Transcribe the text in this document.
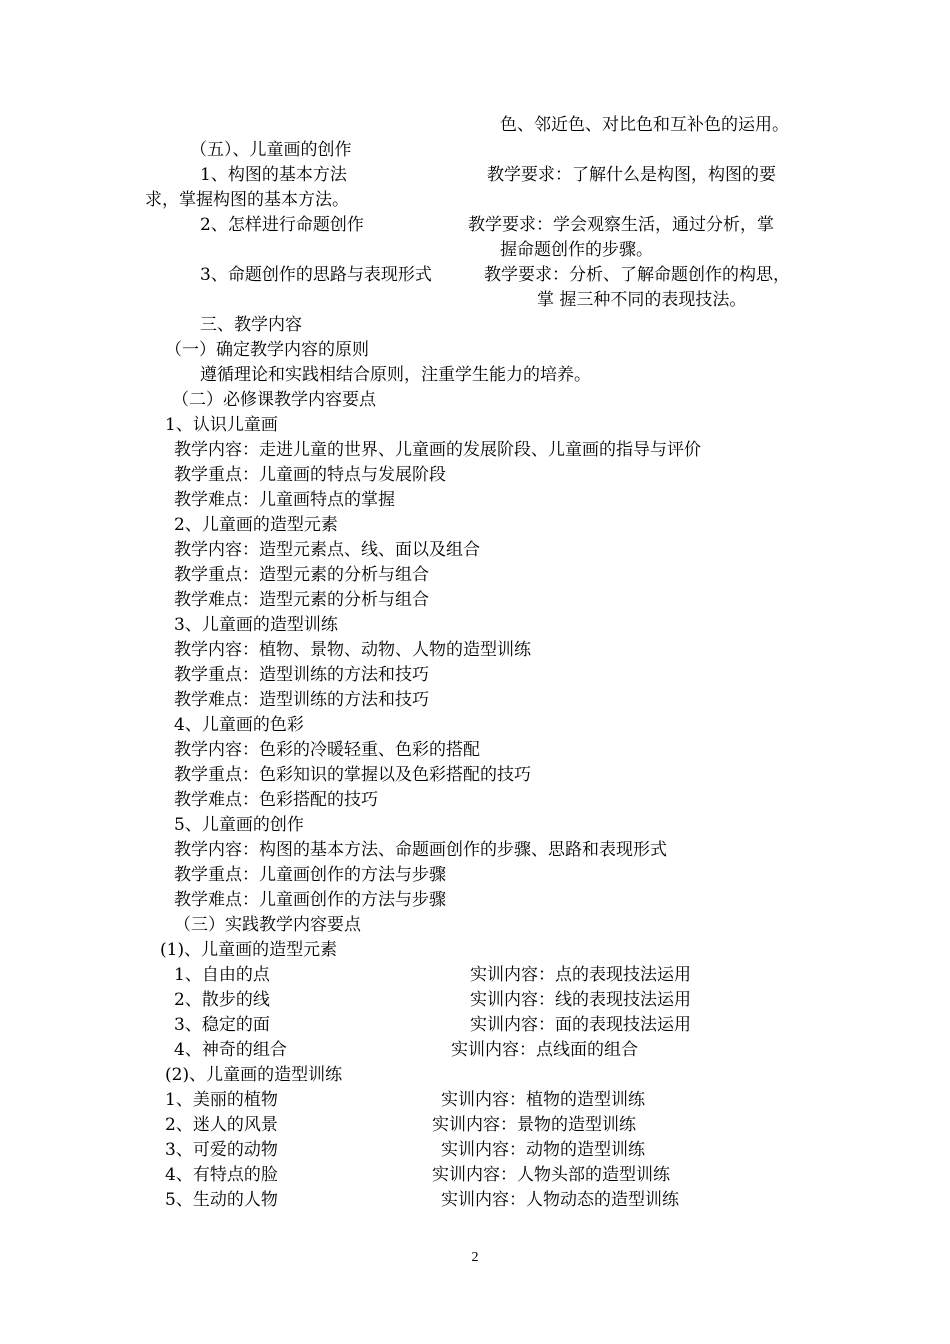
色、邻近色、对比色和互补色的运用。
（五）、儿童画的创作
1、构图的基本方法	教学要求：了解什么是构图，构图的要
求，掌握构图的基本方法。
2、怎样进行命题创作	教学要求：学会观察生活，通过分析，掌
握命题创作的步骤。
3、命题创作的思路与表现形式	教学要求：分析、了解命题创作的构思，
掌 握三种不同的表现技法。
三、教学内容
（一）确定教学内容的原则
遵循理论和实践相结合原则，注重学生能力的培养。
（二）必修课教学内容要点
1、认识儿童画
教学内容：走进儿童的世界、儿童画的发展阶段、儿童画的指导与评价
教学重点：儿童画的特点与发展阶段
教学难点：儿童画特点的掌握
2、儿童画的造型元素
教学内容：造型元素点、线、面以及组合
教学重点：造型元素的分析与组合
教学难点：造型元素的分析与组合
3、儿童画的造型训练
教学内容：植物、景物、动物、人物的造型训练
教学重点：造型训练的方法和技巧
教学难点：造型训练的方法和技巧
4、儿童画的色彩
教学内容：色彩的冷暖轻重、色彩的搭配
教学重点：色彩知识的掌握以及色彩搭配的技巧
教学难点：色彩搭配的技巧
5、儿童画的创作
教学内容：构图的基本方法、命题画创作的步骤、思路和表现形式
教学重点：儿童画创作的方法与步骤
教学难点：儿童画创作的方法与步骤
（三）实践教学内容要点
(1)、儿童画的造型元素
1、自由的点	实训内容：点的表现技法运用
2、散步的线	实训内容：线的表现技法运用
3、稳定的面	实训内容：面的表现技法运用
4、神奇的组合	实训内容：点线面的组合
(2)、儿童画的造型训练
1、美丽的植物	实训内容：植物的造型训练
2、迷人的风景	实训内容：景物的造型训练
3、可爱的动物	实训内容：动物的造型训练
4、有特点的脸	实训内容：人物头部的造型训练
5、生动的人物	实训内容：人物动态的造型训练
2
